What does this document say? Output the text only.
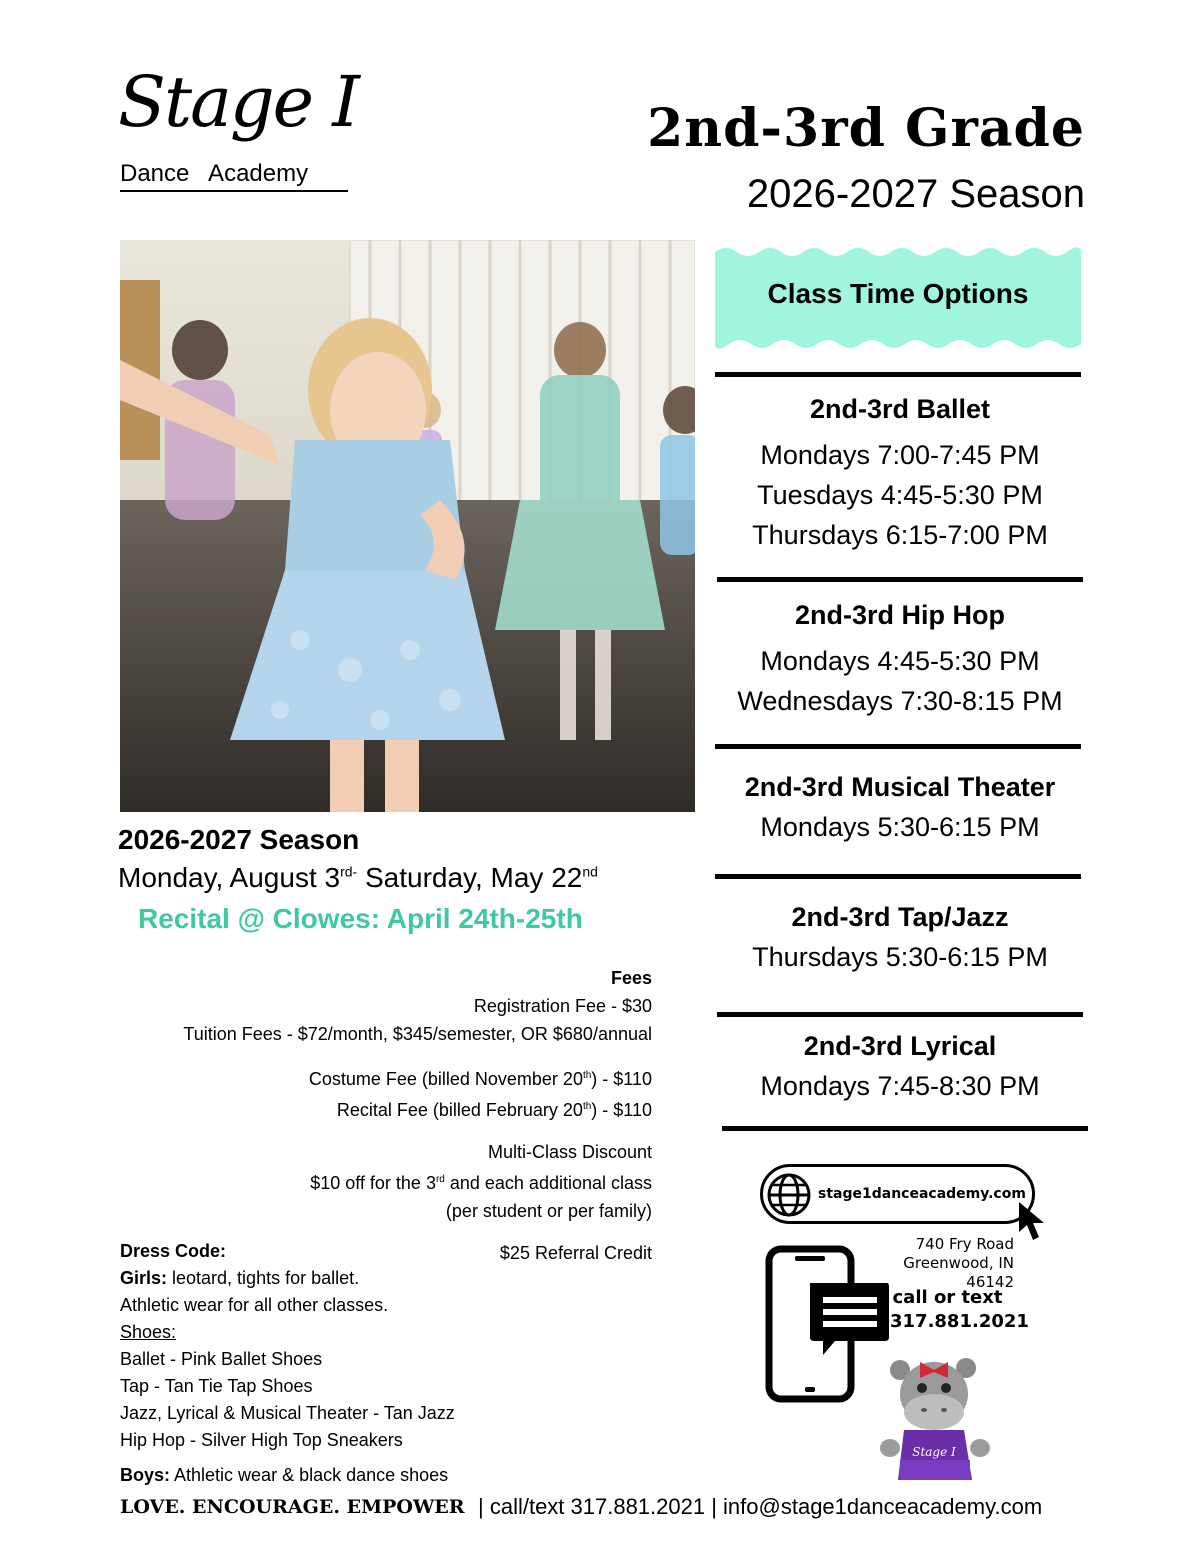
Stage I
Dance   Academy
2nd-3rd Grade
2026-2027 Season
Class Time Options
2nd-3rd Ballet
Mondays 7:00-7:45 PM
Tuesdays 4:45-5:30 PM
Thursdays 6:15-7:00 PM
2nd-3rd Hip Hop
Mondays 4:45-5:30 PM
Wednesdays 7:30-8:15 PM
2nd-3rd Musical Theater
Mondays 5:30-6:15 PM
2nd-3rd Tap/Jazz
Thursdays 5:30-6:15 PM
2nd-3rd Lyrical
Mondays 7:45-8:30 PM
2026-2027 Season
Monday, August $3^{rd-}$ Saturday, May 22nd
Recital @ Clowes: April 24th-25th
Fees
Registration Fee - $30
Tuition Fees - $72/month, $345/semester, OR $680/annual
Costume Fee (billed November 20th) - $110
Recital Fee (billed February 20th) - $110
Multi-Class Discount
$10 off for the 3rd and each additional class
(per student or per family)
$25 Referral Credit
Dress Code:
Girls: leotard, tights for ballet.
Athletic wear for all other classes.
Shoes:
Ballet - Pink Ballet Shoes
Tap - Tan Tie Tap Shoes
Jazz, Lyrical & Musical Theater - Tan Jazz
Hip Hop - Silver High Top Sneakers
Boys: Athletic wear & black dance shoes
stage1danceacademy.com
740 Fry Road
Greenwood, IN 46142
call or text
317.881.2021
Stage I
LOVE. ENCOURAGE. EMPOWER | call/text 317.881.2021 | info@stage1danceacademy.com
